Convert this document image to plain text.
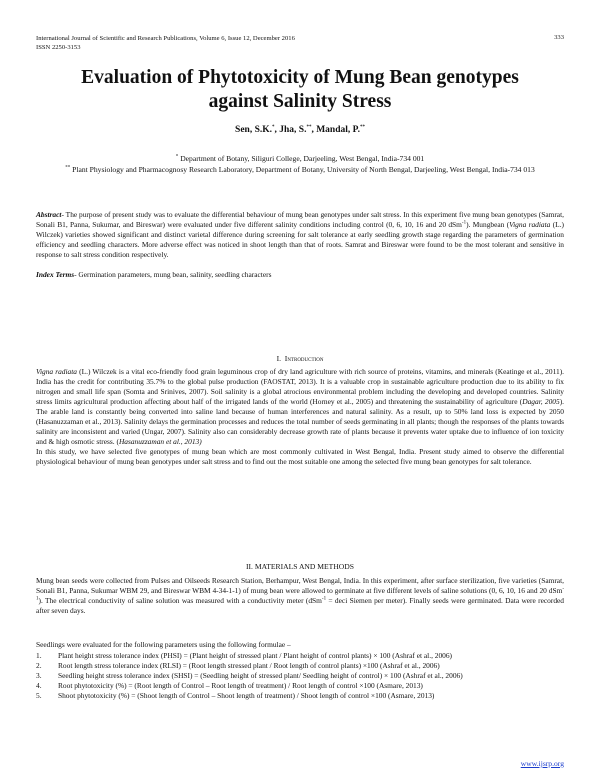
International Journal of Scientific and Research Publications, Volume 6, Issue 12, December 2016
ISSN 2250-3153
333
Evaluation of Phytotoxicity of Mung Bean genotypes
against Salinity Stress
Sen, S.K.*, Jha, S.**, Mandal, P.**
* Department of Botany, Siliguri College, Darjeeling, West Bengal, India-734 001
** Plant Physiology and Pharmacognosy Research Laboratory, Department of Botany, University of North Bengal, Darjeeling, West Bengal, India-734 013
Abstract- The purpose of present study was to evaluate the differential behaviour of mung bean genotypes under salt stress. In this experiment five mung bean genotypes (Samrat, Sonali B1, Panna, Sukumar, and Bireswar) were evaluated under five different salinity conditions including control (0, 6, 10, 16 and 20 dSm$^{-1}$). Mungbean (Vigna radiata (L.) Wilczek) varieties showed significant and distinct varietal difference during screening for salt tolerance at early seedling growth stage regarding the parameters of germination efficiency and seedling characters. More adverse effect was noticed in shoot length than that of roots. Samrat and Bireswar were found to be the most tolerant and sensitive in response to salt stress condition respectively.
Index Terms- Germination parameters, mung bean, salinity, seedling characters
I. Introduction

Vigna radiata (L.) Wilczek is a vital eco-friendly food grain leguminous crop of dry land agriculture with rich source of proteins, vitamins, and minerals (Keatinge et al., 2011). India has the credit for contributing 35.7% to the global pulse production (FAOSTAT, 2013). It is a valuable crop in sustainable agriculture production due to its ability to fix nitrogen and small life span (Somta and Srinives, 2007). Soil salinity is a global atrocious environmental problem including the developing and developed countries. Salinity stress limits agricultural production affecting about half of the irrigated lands of the world (Horney et al., 2005) and threatening the sustainability of agriculture (Dagar, 2005). The arable land is constantly being converted into saline land because of human interferences and natural salinity. As a result, up to 50% land loss is expected by 2050 (Hasanuzzaman et al., 2013). Salinity delays the germination processes and reduces the total number of seeds germinating in all plants; though the responses of the plants towards salinity are inconsistent and varied (Ungar, 2007). Salinity also can considerably decrease growth rate of plants because it prevents water uptake due to influence of ion toxicity and & high osmotic stress. (Hasanuzzaman et al., 2013)

In this study, we have selected five genotypes of mung bean which are most commonly cultivated in West Bengal, India. Present study aimed to observe the differential physiological behaviour of mung bean genotypes under salt stress and to find out the most suitable one among the selected five mung bean genotypes for salt tolerance.

II. MATERIALS AND METHODS
Mung bean seeds were collected from Pulses and Oilseeds Research Station, Berhampur, West Bengal, India. In this experiment, after surface sterilization, five varieties (Samrat, Sonali B1, Panna, Sukumar WBM 29, and Bireswar WBM 4-34-1-1) of mung bean were allowed to germinate at five different levels of saline solutions (0, 6, 10, 16 and 20 dSm$^{-1}$). The electrical conductivity of saline solution was measured with a conductivity meter (dSm$^{-1}$ = deci Siemen per meter). Finally seeds were germinated. Data were recorded after seven days.

Seedlings were evaluated for the following parameters using the following formulae –

1.	Plant height stress tolerance index (PHSI) = (Plant height of stressed plant / Plant height of control plants) × 100 (Ashraf et al., 2006)
2.	Root length stress tolerance index (RLSI) = (Root length stressed plant / Root length of control plants) ×100 (Ashraf et al., 2006)
3.	Seedling height stress tolerance index (SHSI) = (Seedling height of stressed plant/ Seedling height of control) × 100 (Ashraf et al., 2006)
4.	Root phytotoxicity (%) = (Root length of Control – Root length of treatment) / Root length of control ×100 (Asmare, 2013)
5.	Shoot phytotoxicity (%) = (Shoot length of Control – Shoot length of treatment) / Shoot length of control ×100 (Asmare, 2013)
www.ijsrp.org
